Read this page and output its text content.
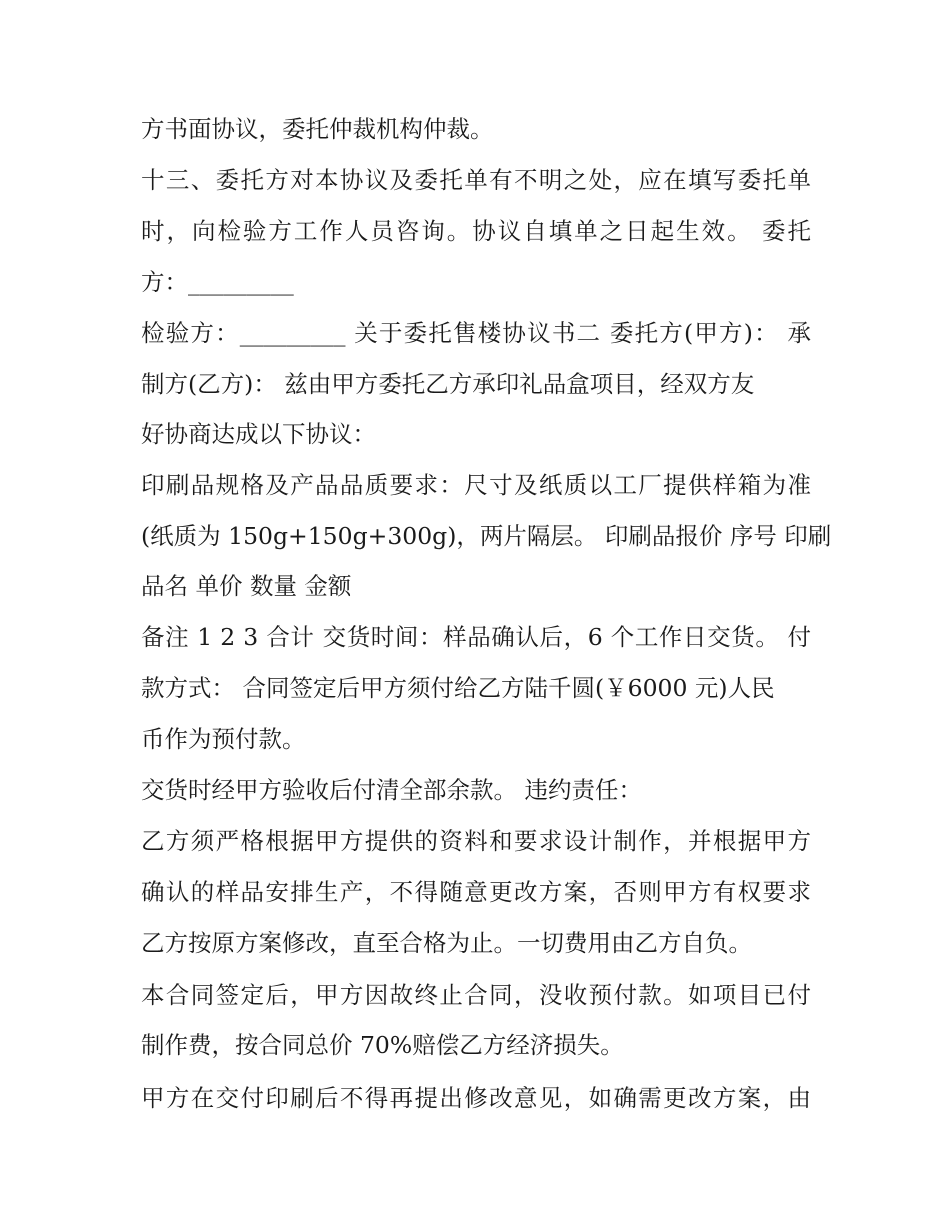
方书面协议，委托仲裁机构仲裁。
十三、委托方对本协议及委托单有不明之处，应在填写委托单
时，向检验方工作人员咨询。协议自填单之日起生效。 委托
方：_________
检验方：_________ 关于委托售楼协议书二 委托方(甲方)： 承
制方(乙方)： 兹由甲方委托乙方承印礼品盒项目，经双方友
好协商达成以下协议：
印刷品规格及产品品质要求：尺寸及纸质以工厂提供样箱为准
(纸质为 150g+150g+300g)，两片隔层。 印刷品报价 序号 印刷
品名 单价 数量 金额
备注 1 2 3 合计 交货时间：样品确认后，6 个工作日交货。 付
款方式： 合同签定后甲方须付给乙方陆千圆(￥6000 元)人民
币作为预付款。
交货时经甲方验收后付清全部余款。 违约责任：
乙方须严格根据甲方提供的资料和要求设计制作，并根据甲方
确认的样品安排生产，不得随意更改方案，否则甲方有权要求
乙方按原方案修改，直至合格为止。一切费用由乙方自负。
本合同签定后，甲方因故终止合同，没收预付款。如项目已付
制作费，按合同总价 70%赔偿乙方经济损失。
甲方在交付印刷后不得再提出修改意见，如确需更改方案，由
